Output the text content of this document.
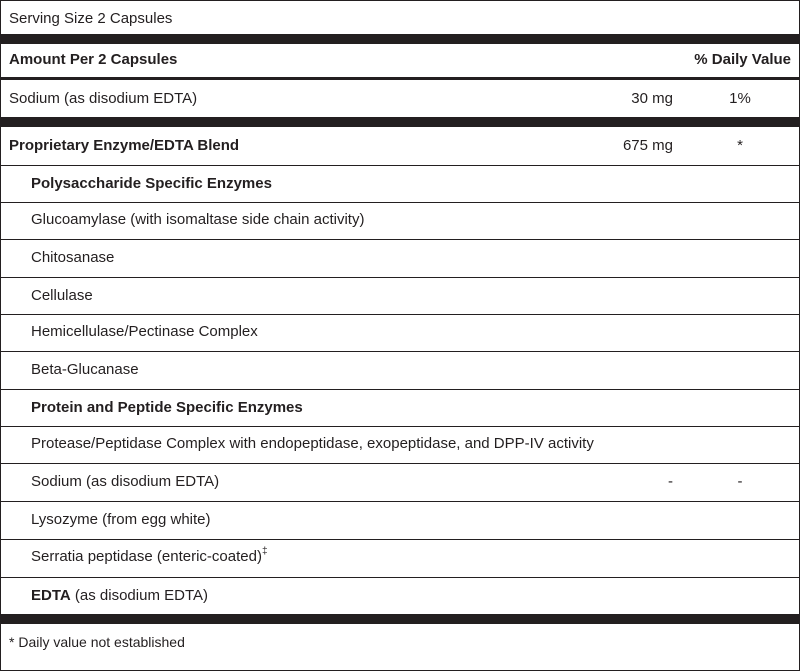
Serving Size 2 Capsules
Amount Per 2 Capsules	% Daily Value
Sodium (as disodium EDTA)	30 mg	1%
Proprietary Enzyme/EDTA Blend	675 mg	*
Polysaccharide Specific Enzymes
Glucoamylase (with isomaltase side chain activity)
Chitosanase
Cellulase
Hemicellulase/Pectinase Complex
Beta-Glucanase
Protein and Peptide Specific Enzymes
Protease/Peptidase Complex with endopeptidase, exopeptidase, and DPP-IV activity
Sodium (as disodium EDTA)	-	-
Lysozyme (from egg white)
Serratia peptidase (enteric-coated)‡
EDTA (as disodium EDTA)
* Daily value not established
